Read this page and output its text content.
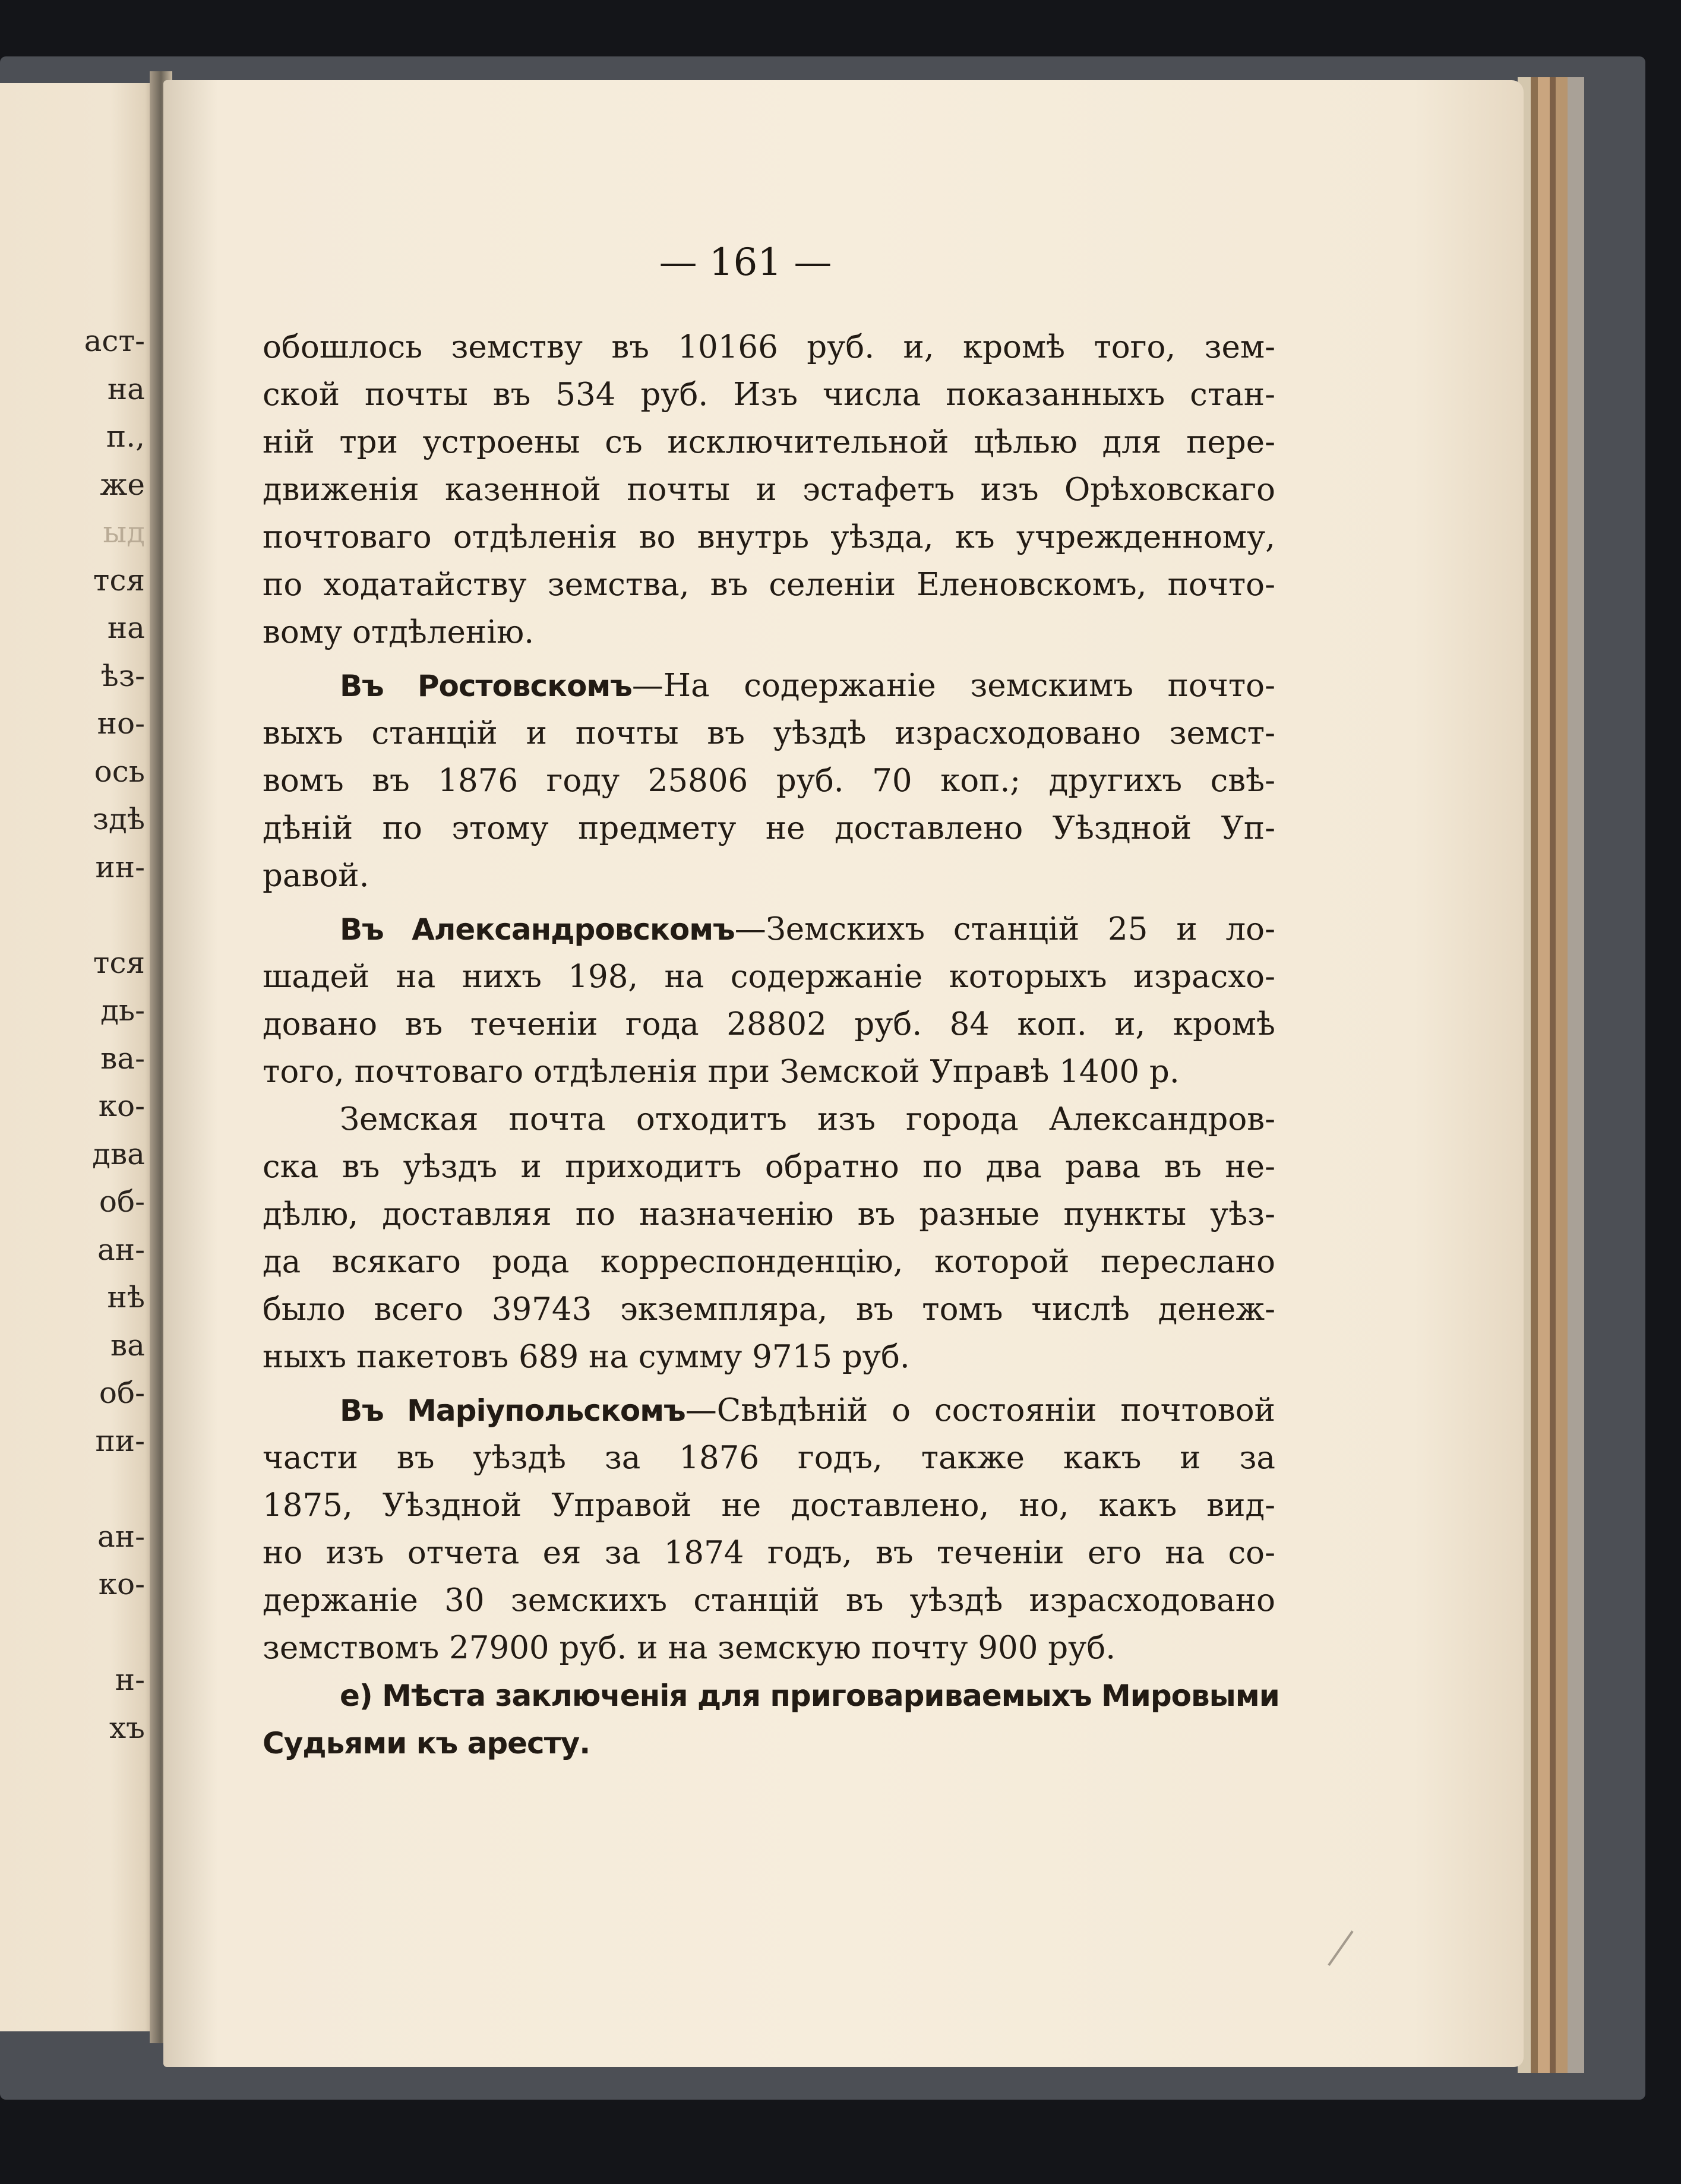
аст-
на
п.,
же
ыд
тся
на
ѣз-
но-
ось
здѣ
ин-
тся
дь-
ва-
ко-
два
об-
ан-
нѣ
ва
об-
пи-
ан-
ко-
н-
хъ
— 161 —
обошлось земству въ 10166 руб. и, кромѣ того, зем-
ской почты въ 534 руб. Изъ числа показанныхъ стан-
ній три устроены съ исключительной цѣлью для пере-
движенія казенной почты и эстафетъ изъ Орѣховскаго
почтоваго отдѣленія во внутрь уѣзда, къ учрежденному,
по ходатайству земства, въ селеніи Еленовскомъ, почто-
вому отдѣленію.
Въ Ростовскомъ—На содержаніе земскимъ почто-
выхъ станцій и почты въ уѣздѣ израсходовано земст-
вомъ въ 1876 году 25806 руб. 70 коп.; другихъ свѣ-
дѣній по этому предмету не доставлено Уѣздной Уп-
равой.
Въ Александровскомъ—Земскихъ станцій 25 и ло-
шадей на нихъ 198, на содержаніе которыхъ израсхо-
довано въ теченіи года 28802 руб. 84 коп. и, кромѣ
того, почтоваго отдѣленія при Земской Управѣ 1400 р.
Земская почта отходитъ изъ города Александров-
ска въ уѣздъ и приходитъ обратно по два рава въ не-
дѣлю, доставляя по назначенію въ разные пункты уѣз-
да всякаго рода корреспонденцію, которой переслано
было всего 39743 экземпляра, въ томъ числѣ денеж-
ныхъ пакетовъ 689 на сумму 9715 руб.
Въ Маріупольскомъ—Свѣдѣній о состояніи почтовой
части въ уѣздѣ за 1876 годъ, также какъ и за
1875, Уѣздной Управой не доставлено, но, какъ вид-
но изъ отчета ея за 1874 годъ, въ теченіи его на со-
держаніе 30 земскихъ станцій въ уѣздѣ израсходовано
земствомъ 27900 руб. и на земскую почту 900 руб.
е) Мѣста заключенія для приговариваемыхъ Мировыми
Судьями къ аресту.
